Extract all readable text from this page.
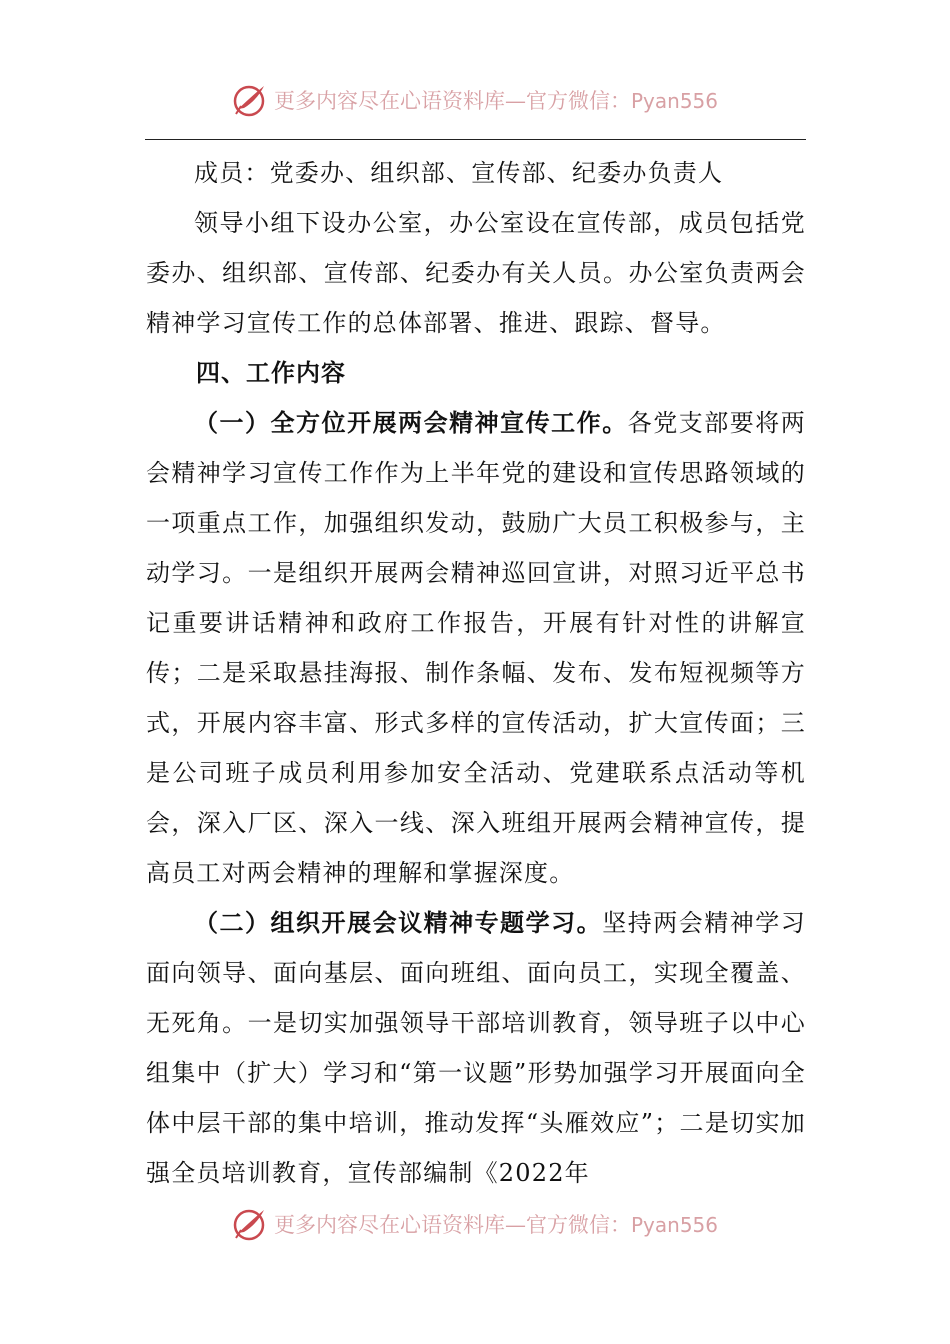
更多内容尽在心语资料库—官方微信：Pyan556

成员：党委办、组织部、宣传部、纪委办负责人

领导小组下设办公室，办公室设在宣传部，成员包括党委办、组织部、宣传部、纪委办有关人员。办公室负责两会精神学习宣传工作的总体部署、推进、跟踪、督导。

四、工作内容

（一）全方位开展两会精神宣传工作。各党支部要将两会精神学习宣传工作作为上半年党的建设和宣传思路领域的一项重点工作，加强组织发动，鼓励广大员工积极参与，主动学习。一是组织开展两会精神巡回宣讲，对照习近平总书记重要讲话精神和政府工作报告，开展有针对性的讲解宣传；二是采取悬挂海报、制作条幅、发布、发布短视频等方式，开展内容丰富、形式多样的宣传活动，扩大宣传面；三是公司班子成员利用参加安全活动、党建联系点活动等机会，深入厂区、深入一线、深入班组开展两会精神宣传，提高员工对两会精神的理解和掌握深度。

（二）组织开展会议精神专题学习。坚持两会精神学习面向领导、面向基层、面向班组、面向员工，实现全覆盖、无死角。一是切实加强领导干部培训教育，领导班子以中心组集中（扩大）学习和“第一议题”形势加强学习开展面向全体中层干部的集中培训，推动发挥“头雁效应”；二是切实加强全员培训教育，宣传部编制《2022年

更多内容尽在心语资料库—官方微信：Pyan556
